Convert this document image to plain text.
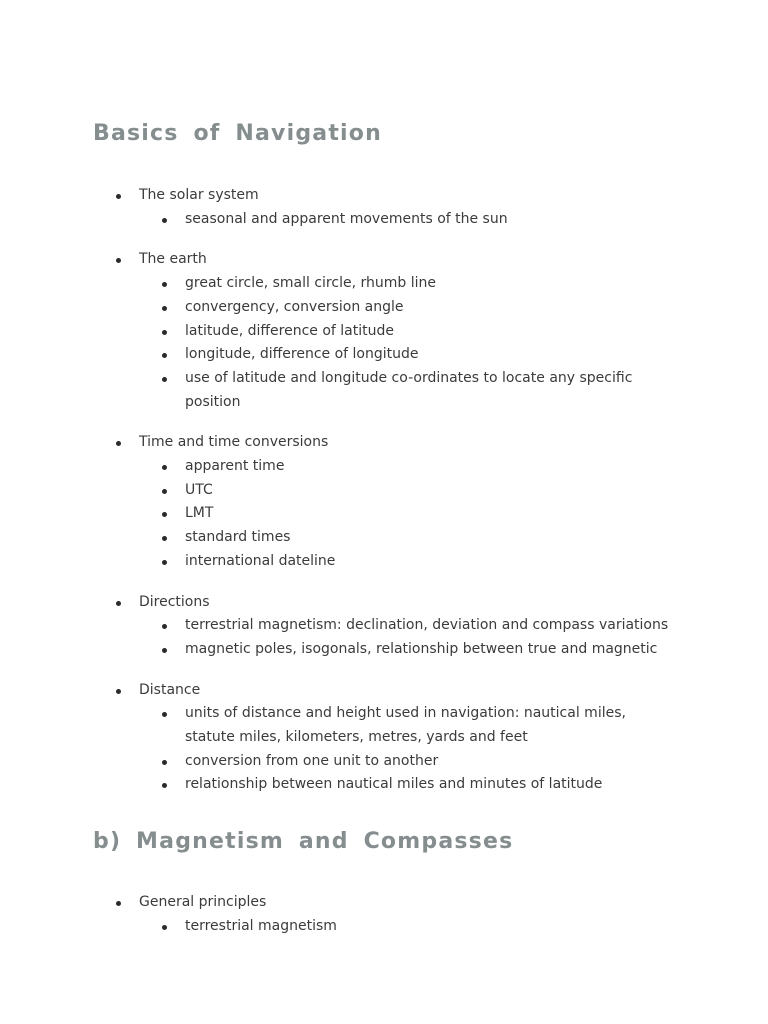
Basics of Navigation
The solar system
seasonal and apparent movements of the sun
The earth
great circle, small circle, rhumb line
convergency, conversion angle
latitude, difference of latitude
longitude, difference of longitude
use of latitude and longitude co-ordinates to locate any specific position
Time and time conversions
apparent time
UTC
LMT
standard times
international dateline
Directions
terrestrial magnetism: declination, deviation and compass variations
magnetic poles, isogonals, relationship between true and magnetic
Distance
units of distance and height used in navigation: nautical miles, statute miles, kilometers, metres, yards and feet
conversion from one unit to another
relationship between nautical miles and minutes of latitude
b) Magnetism and Compasses
General principles
terrestrial magnetism
